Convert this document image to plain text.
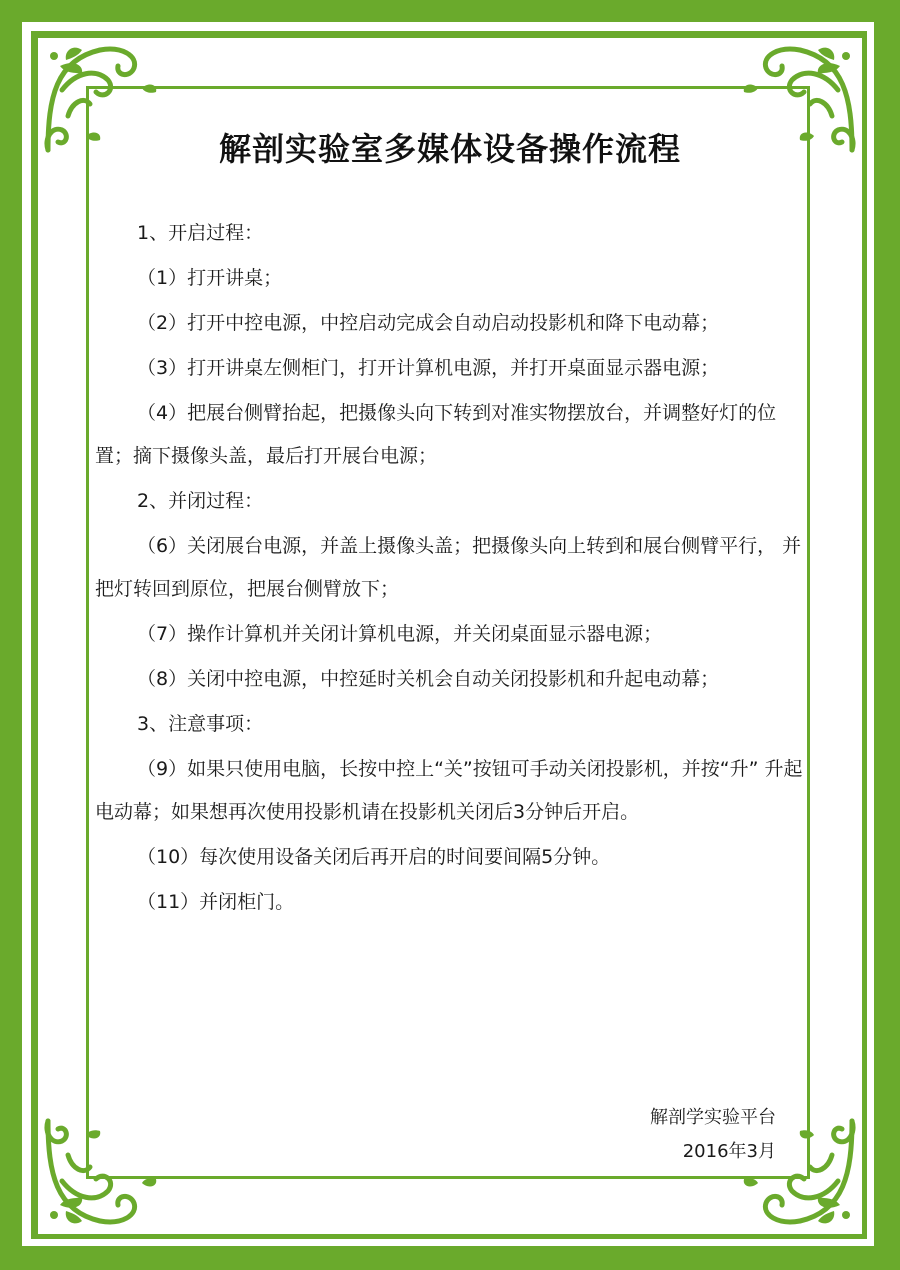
解剖实验室多媒体设备操作流程

1、开启过程：

（1）打开讲桌；

（2）打开中控电源，中控启动完成会自动启动投影机和降下电动幕；

（3）打开讲桌左侧柜门，打开计算机电源，并打开桌面显示器电源；

（4）把展台侧臂抬起，把摄像头向下转到对准实物摆放台，并调整好灯的位 置；摘下摄像头盖，最后打开展台电源；

2、并闭过程：

（6）关闭展台电源，并盖上摄像头盖；把摄像头向上转到和展台侧臂平行， 并把灯转回到原位，把展台侧臂放下；

（7）操作计算机并关闭计算机电源，并关闭桌面显示器电源；

（8）关闭中控电源，中控延时关机会自动关闭投影机和升起电动幕；

3、注意事项：

（9）如果只使用电脑，长按中控上“关”按钮可手动关闭投影机，并按“升” 升起电动幕；如果想再次使用投影机请在投影机关闭后3分钟后开启。

（10）每次使用设备关闭后再开启的时间要间隔5分钟。

（11）并闭柜门。

解剖学实验平台
2016年3月
